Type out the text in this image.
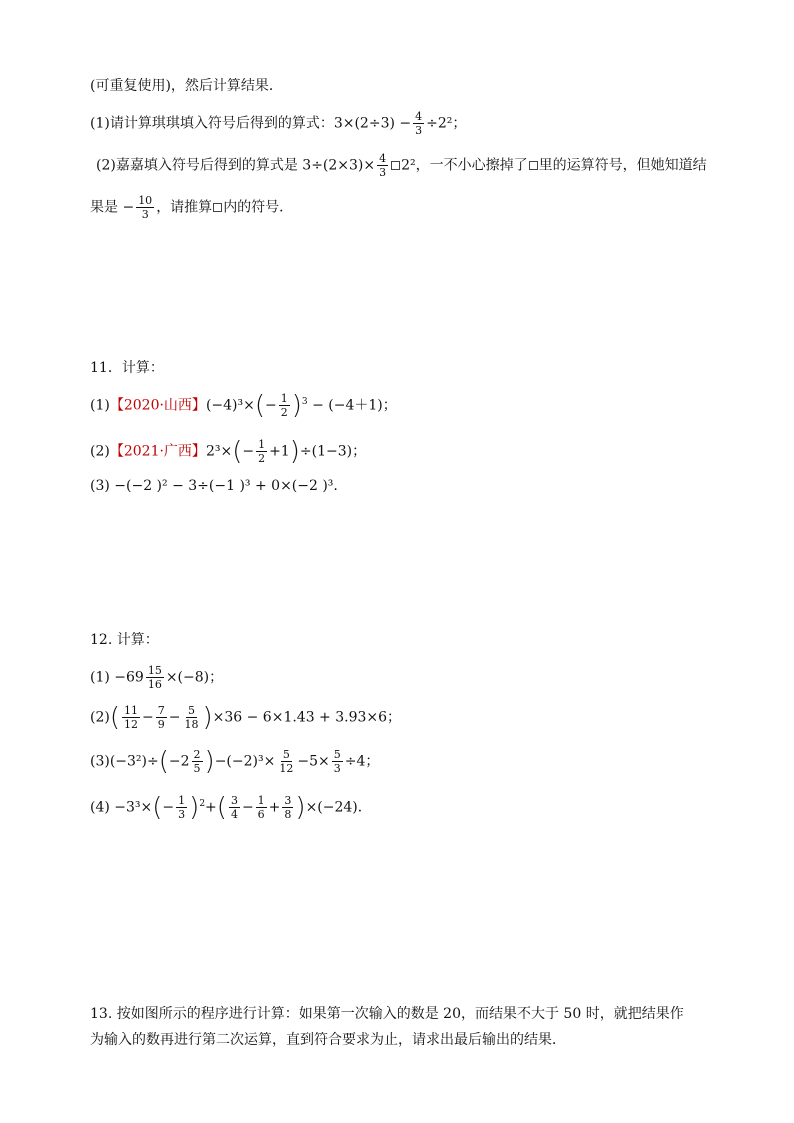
(可重复使用)，然后计算结果．
(1)请计算琪琪填入符号后得到的算式：$3\times(2\div 3) - \frac{4}{3} \div 2^2$；
(2)嘉嘉填入符号后得到的算式是 $3\div(2\times 3)\times \frac{4}{3} 2^2$，一不小心擦掉了 里的运算符号，但她知道结
果是 − $\frac{10}{3}$ ，请推算 内的符号．
11．计算：
(1)【2020·山西】$(-4)^3\times(- \frac{1}{2} )^3 - (-4+1)$；
(2)【2021·广西】$2^3\times(- \frac{1}{2} +1)\div(1-3)$；
(3) −(−2 )² − 3÷(−1 )³ + 0×(−2 )³.
12. 计算：
$(1) -69 \frac{15}{16} \times(-8)$；
$(2)( \frac{11}{12} - \frac{7}{9} - \frac{5}{18} )\times 36 - 6\times 1.43 + 3.93\times 6$；
$(3)(-3^2)\div(-2 \frac{2}{5} )-(-2)^3\times \frac{5}{12} -5\times \frac{5}{3} \div 4$；
$(4) -3^3\times(- \frac{1}{3} )^2+( \frac{3}{4} - \frac{1}{6} + \frac{3}{8} )\times(-24)$．
13. 按如图所示的程序进行计算：如果第一次输入的数是 20，而结果不大于 50 时，就把结果作
为输入的数再进行第二次运算，直到符合要求为止，请求出最后输出的结果．
